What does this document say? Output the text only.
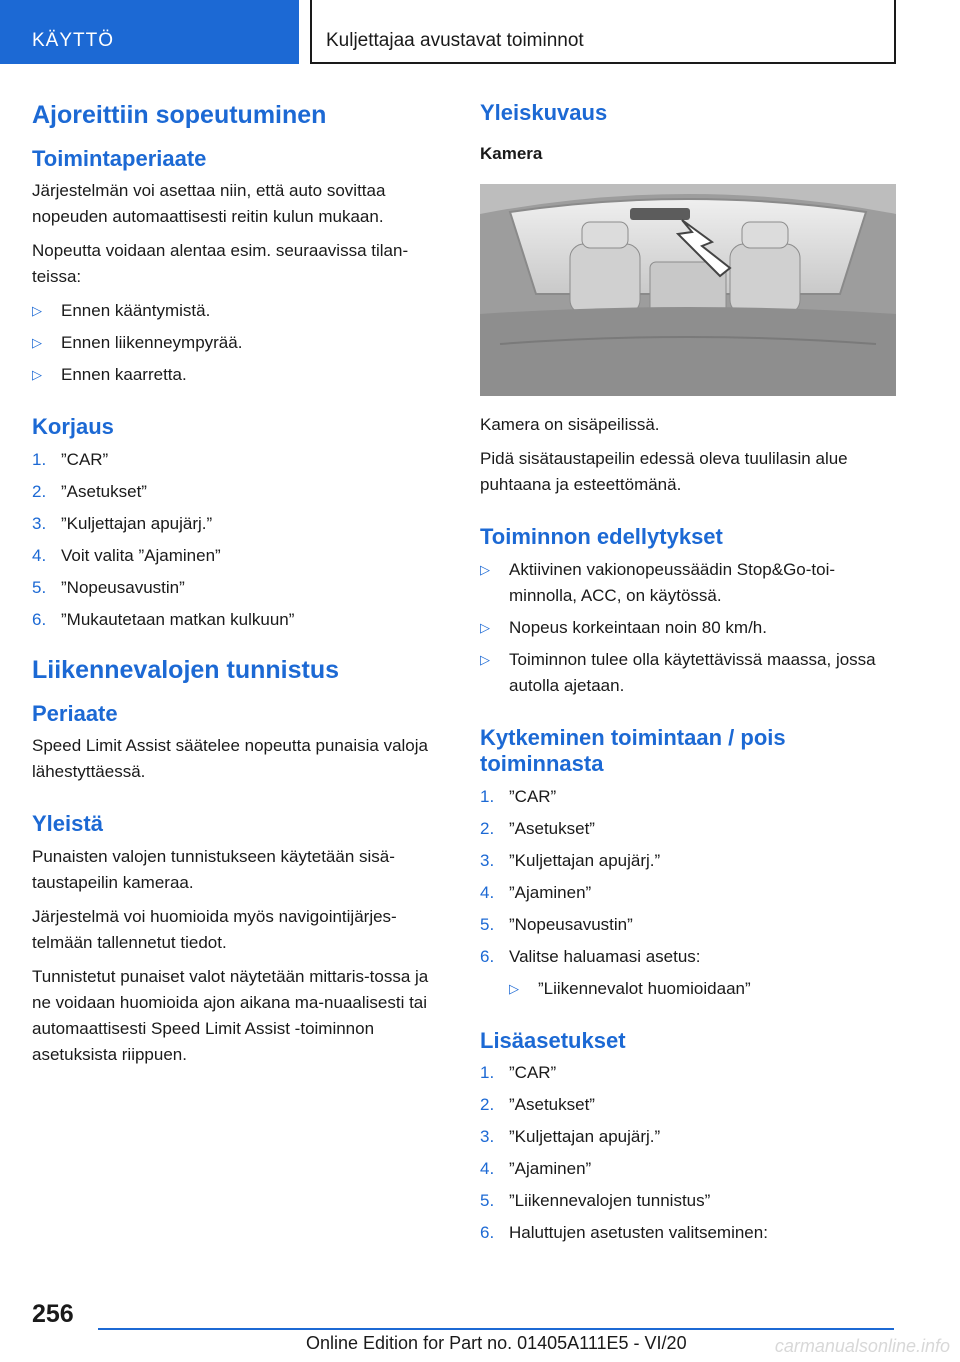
KÄYTTÖ	Kuljettajaa avustavat toiminnot
Ajoreittiin sopeutuminen
Toimintaperiaate

Järjestelmän voi asettaa niin, että auto sovittaa nopeuden automaattisesti reitin kulun mukaan.

Nopeutta voidaan alentaa esim. seuraavissa tilan-teissa:

▷ Ennen kääntymistä.
▷ Ennen liikenneympyrää.
▷ Ennen kaarretta.
Korjaus
1. ”CAR”
2. ”Asetukset”
3. ”Kuljettajan apujärj.”
4. Voit valita ”Ajaminen”
5. ”Nopeusavustin”
6. ”Mukautetaan matkan kulkuun”
Liikennevalojen tunnistus
Periaate

Speed Limit Assist säätelee nopeutta punaisia valoja lähestyttäessä.

Yleistä

Punaisten valojen tunnistukseen käytetään sisä-taustapeilin kameraa.

Järjestelmä voi huomioida myös navigointijärjes-telmään tallennetut tiedot.

Tunnistetut punaiset valot näytetään mittaris-tossa ja ne voidaan huomioida ajon aikana ma-nuaalisesti tai automaattisesti Speed Limit Assist -toiminnon asetuksista riippuen.

Yleiskuvaus
Kamera

Kamera on sisäpeilissä.

Pidä sisätaustapeilin edessä oleva tuulilasin alue puhtaana ja esteettömänä.

Toiminnon edellytykset
▷ Aktiivinen vakionopeussäädin Stop&Go-toi-minnolla, ACC, on käytössä.
▷ Nopeus korkeintaan noin 80 km/h.
▷ Toiminnon tulee olla käytettävissä maassa, jossa autolla ajetaan.
Kytkeminen toimintaan / pois toiminnasta
1. ”CAR”
2. ”Asetukset”
3. ”Kuljettajan apujärj.”
4. ”Ajaminen”
5. ”Nopeusavustin”
6. Valitse haluamasi asetus:
▷ ”Liikennevalot huomioidaan”
Lisäasetukset
1. ”CAR”
2. ”Asetukset”
3. ”Kuljettajan apujärj.”
4. ”Ajaminen”
5. ”Liikennevalojen tunnistus”
6. Haluttujen asetusten valitseminen:
256
Online Edition for Part no. 01405A111E5 - VI/20	carmanualsonline.info
